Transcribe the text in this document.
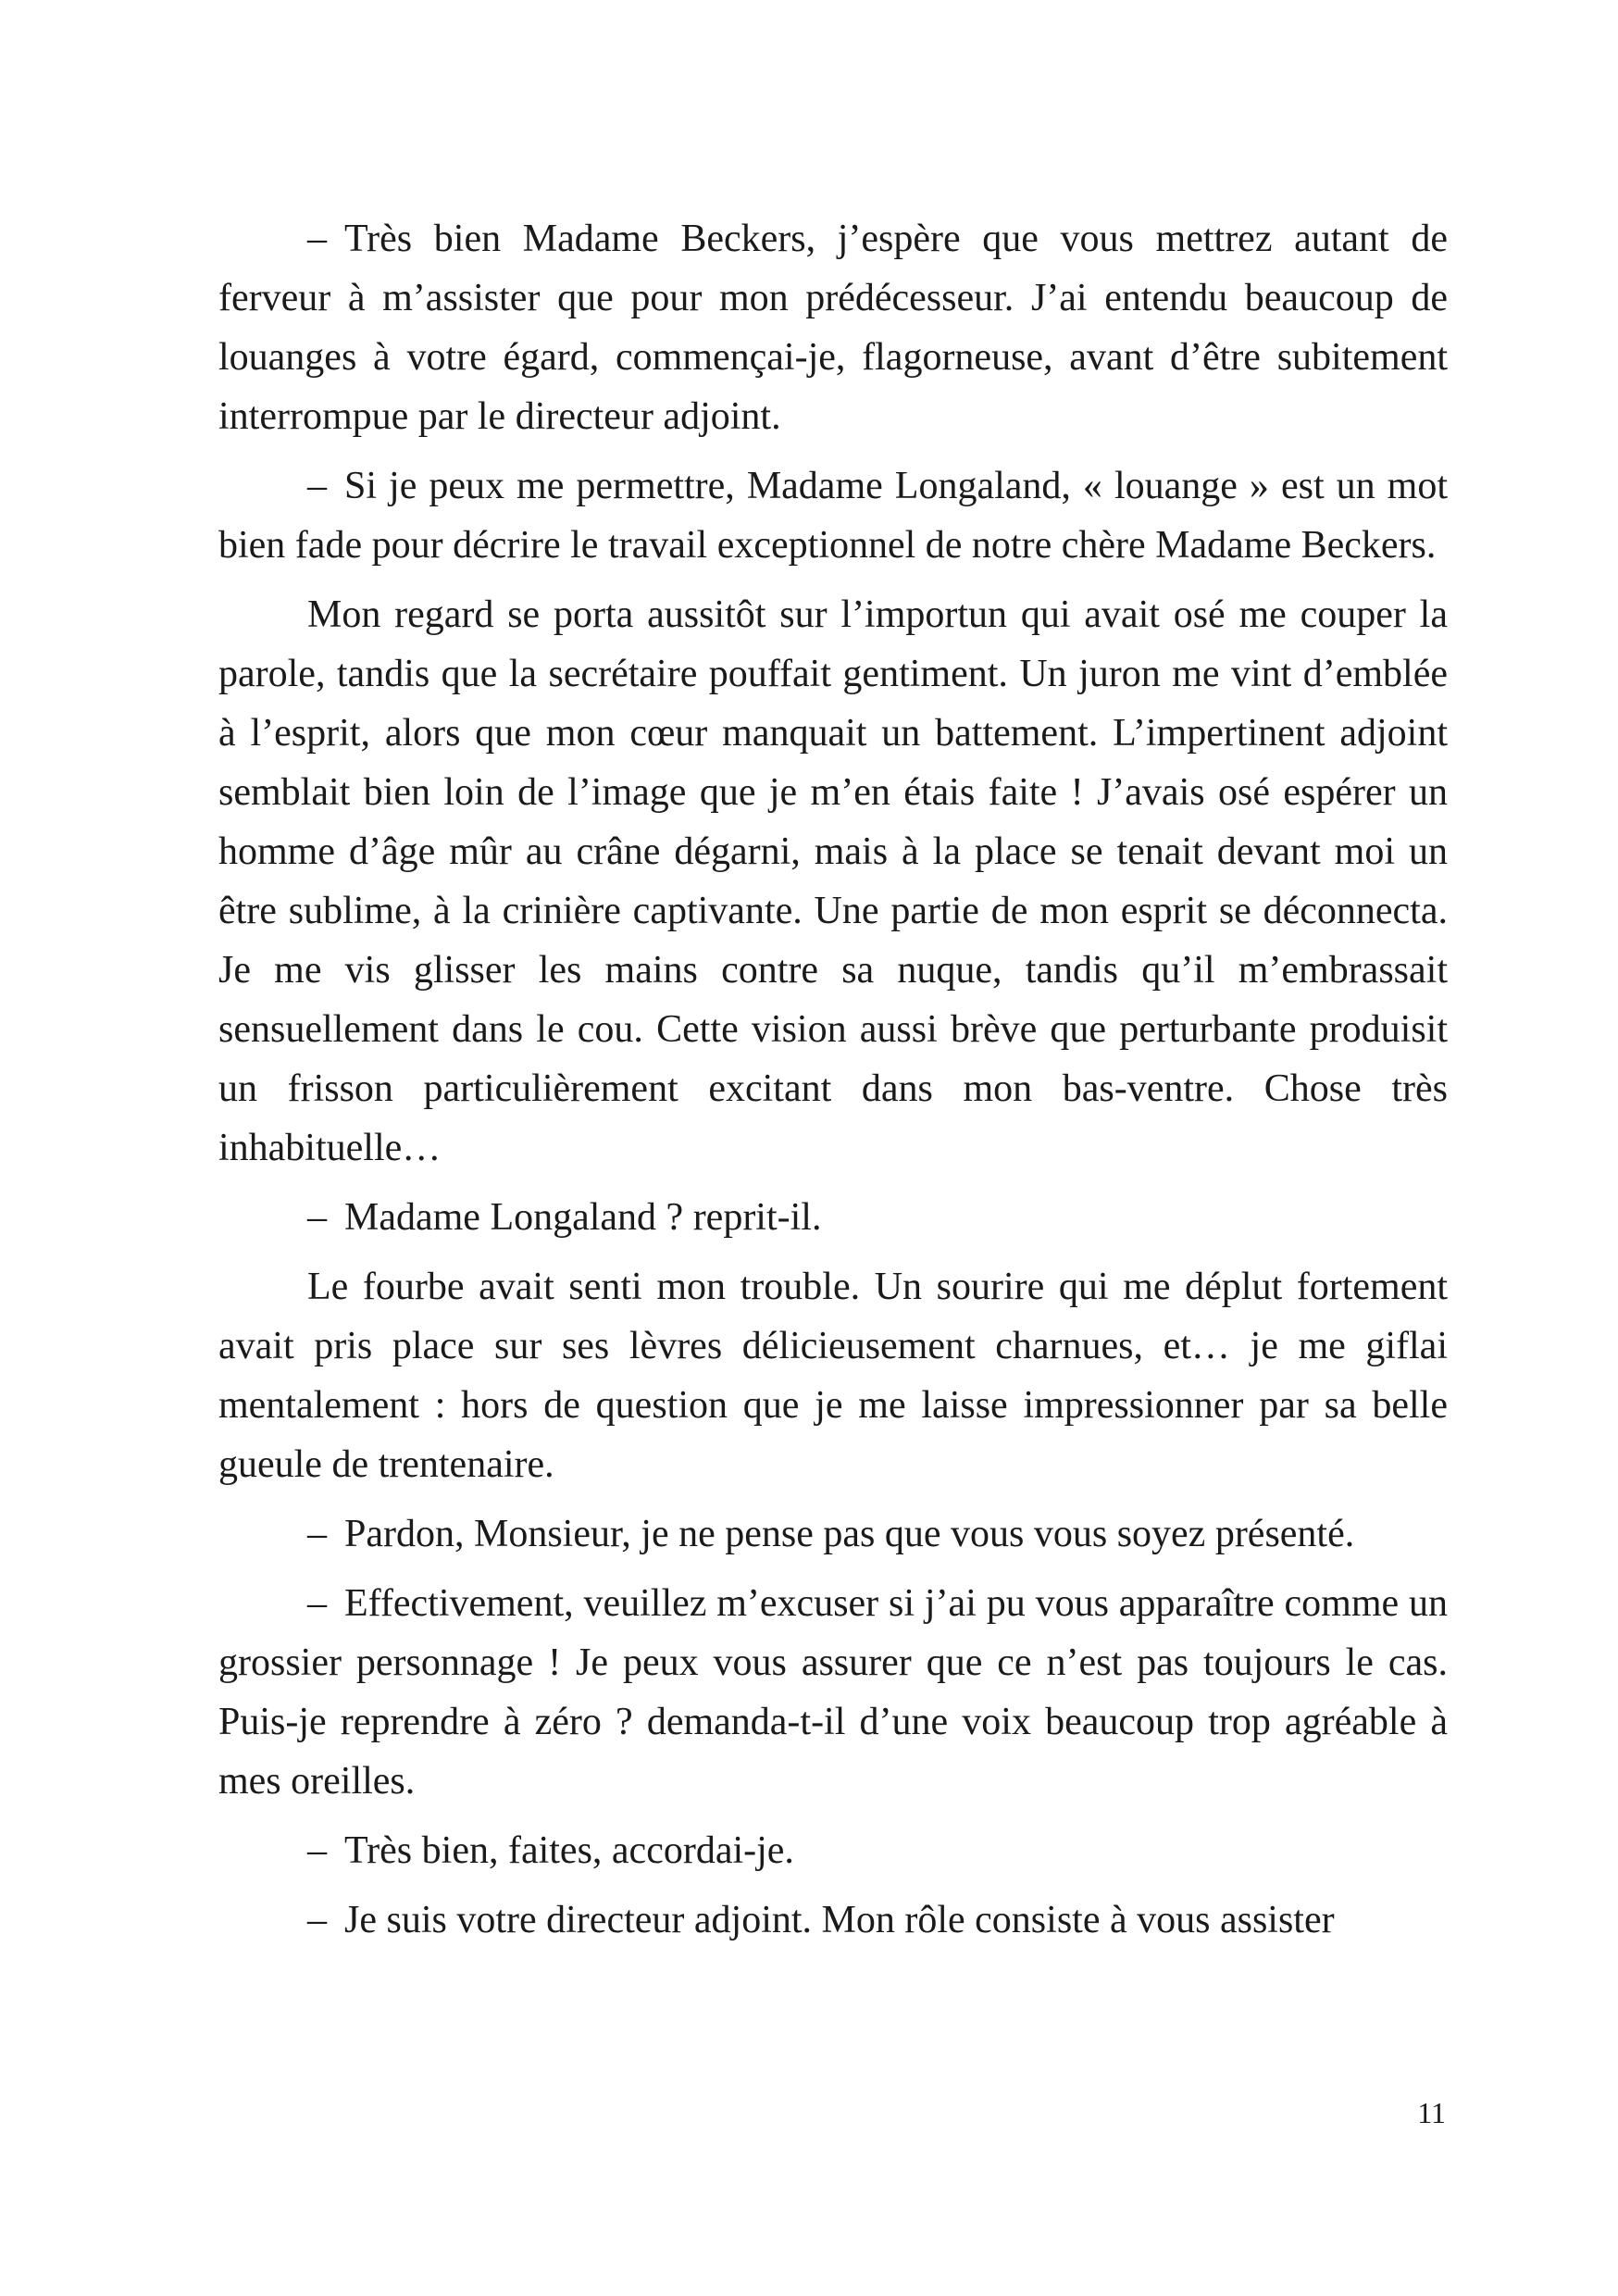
– Très bien Madame Beckers, j’espère que vous mettrez autant de ferveur à m’assister que pour mon prédécesseur. J’ai entendu beaucoup de louanges à votre égard, commençai-je, flagorneuse, avant d’être subitement interrompue par le directeur adjoint.

– Si je peux me permettre, Madame Longaland, « louange » est un mot bien fade pour décrire le travail exceptionnel de notre chère Madame Beckers.

Mon regard se porta aussitôt sur l’importun qui avait osé me couper la parole, tandis que la secrétaire pouffait gentiment. Un juron me vint d’emblée à l’esprit, alors que mon cœur manquait un battement. L’impertinent adjoint semblait bien loin de l’image que je m’en étais faite ! J’avais osé espérer un homme d’âge mûr au crâne dégarni, mais à la place se tenait devant moi un être sublime, à la crinière captivante. Une partie de mon esprit se déconnecta. Je me vis glisser les mains contre sa nuque, tandis qu’il m’embrassait sensuellement dans le cou. Cette vision aussi brève que perturbante produisit un frisson particulièrement excitant dans mon bas-ventre. Chose très inhabituelle…

– Madame Longaland ? reprit-il.

Le fourbe avait senti mon trouble. Un sourire qui me déplut fortement avait pris place sur ses lèvres délicieusement charnues, et… je me giflai mentalement : hors de question que je me laisse impressionner par sa belle gueule de trentenaire.

– Pardon, Monsieur, je ne pense pas que vous vous soyez présenté.

– Effectivement, veuillez m’excuser si j’ai pu vous apparaître comme un grossier personnage ! Je peux vous assurer que ce n’est pas toujours le cas. Puis-je reprendre à zéro ? demanda-t-il d’une voix beaucoup trop agréable à mes oreilles.

– Très bien, faites, accordai-je.

– Je suis votre directeur adjoint. Mon rôle consiste à vous assister

11
